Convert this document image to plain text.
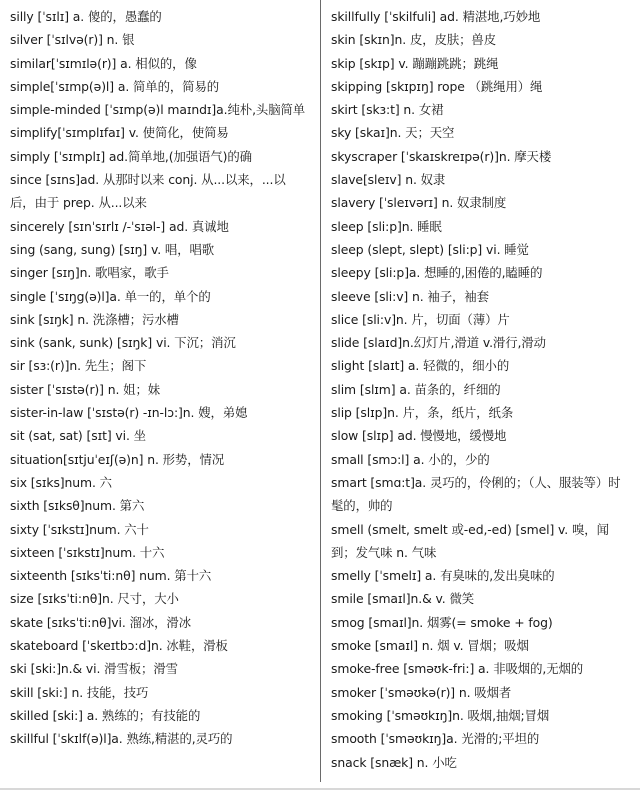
silly [ˈsɪlɪ] a. 傻的，愚蠢的
silver [ˈsɪlvə(r)] n. 银
similar[ˈsɪmɪlə(r)] a. 相似的，像
simple[ˈsɪmp(ə)l] a. 简单的，简易的
simple-minded [ˈsɪmp(ə)l maɪndɪ]a.纯朴,头脑简单
simplify[ˈsɪmplɪfaɪ] v. 使简化，使简易
simply [ˈsɪmplɪ] ad.简单地,(加强语气)的确
since [sɪns]ad. 从那时以来 conj. 从...以来，...以后，由于 prep. 从...以来
sincerely [sɪnˈsɪrlɪ /-ˈsɪəl-] ad. 真诚地
sing (sang, sung) [sɪŋ] v. 唱，唱歌
singer [sɪŋ]n. 歌唱家，歌手
single [ˈsɪŋg(ə)l]a. 单一的，单个的
sink [sɪŋk] n. 洗涤槽；污水槽
sink (sank, sunk) [sɪŋk] vi. 下沉；消沉
sir [sɜ:(r)]n. 先生；阁下
sister [ˈsɪstə(r)] n. 姐；妹
sister-in-law [ˈsɪstə(r) -ɪn-lɔ:]n. 嫂，弟媳
sit (sat, sat) [sɪt] vi. 坐
situation[sɪtjuˈeɪʃ(ə)n] n. 形势，情况
six [sɪks]num. 六
sixth [sɪksθ]num. 第六
sixty [ˈsɪkstɪ]num. 六十
sixteen [ˈsɪkstɪ]num. 十六
sixteenth [sɪksˈti:nθ] num. 第十六
size [sɪksˈti:nθ]n. 尺寸，大小
skate [sɪksˈti:nθ]vi. 溜冰，滑冰
skateboard [ˈskeɪtbɔ:d]n. 冰鞋，滑板
ski [ski:]n.& vi. 滑雪板；滑雪
skill [ski:] n. 技能，技巧
skilled [ski:] a. 熟练的；有技能的
skillful [ˈskɪlf(ə)l]a. 熟练,精湛的,灵巧的
skillfully [ˈskilfuli] ad. 精湛地,巧妙地
skin [skɪn]n. 皮，皮肤；兽皮
skip [skɪp] v. 蹦蹦跳跳；跳绳
skipping [skɪpɪŋ] rope （跳绳用）绳
skirt [skɜ:t] n. 女裙
sky [skaɪ]n. 天；天空
skyscraper [ˈskaɪskreɪpə(r)]n. 摩天楼
slave[sleɪv] n. 奴隶
slavery [ˈsleɪvərɪ] n. 奴隶制度
sleep [sli:p]n. 睡眠
sleep (slept, slept) [sli:p] vi. 睡觉
sleepy [sli:p]a. 想睡的,困倦的,瞌睡的
sleeve [sli:v] n. 袖子，袖套
slice [sli:v]n. 片，切面（薄）片
slide [slaɪd]n.幻灯片,滑道 v.滑行,滑动
slight [slaɪt] a. 轻微的，细小的
slim [slɪm] a. 苗条的，纤细的
slip [slɪp]n. 片，条，纸片，纸条
slow [slɪp] ad. 慢慢地，缓慢地
small [smɔ:l] a. 小的，少的
smart [smɑ:t]a. 灵巧的，伶俐的；（人、服装等）时髦的，帅的
smell (smelt, smelt 或-ed,-ed) [smel] v. 嗅，闻到；发气味 n. 气味
smelly [ˈsmelɪ] a. 有臭味的,发出臭味的
smile [smaɪl]n.& v. 微笑
smog [smaɪl]n. 烟雾(= smoke + fog)
smoke [smaɪl] n. 烟 v. 冒烟；吸烟
smoke-free [sməʊk-fri:] a. 非吸烟的,无烟的
smoker [ˈsməʊkə(r)] n. 吸烟者
smoking [ˈsməʊkɪŋ]n. 吸烟,抽烟;冒烟
smooth [ˈsməʊkɪŋ]a. 光滑的;平坦的
snack [snæk] n. 小吃
